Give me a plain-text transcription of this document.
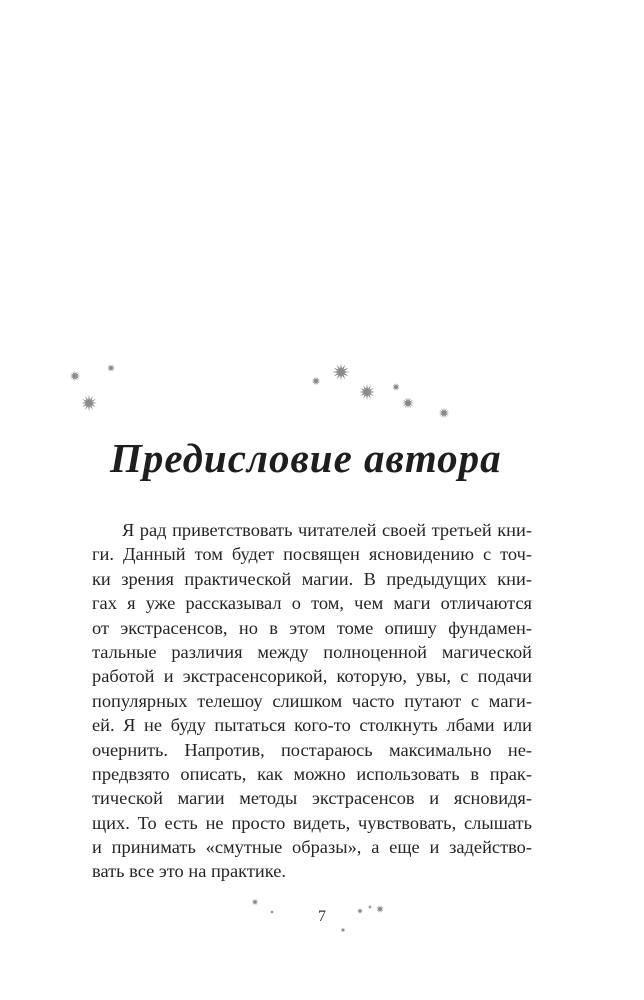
Предисловие автора
Я рад приветствовать читателей своей третьей кни-
ги. Данный том будет посвящен ясновидению с точ-
ки зрения практической магии. В предыдущих кни-
гах я уже рассказывал о том, чем маги отличаются
от экстрасенсов, но в этом томе опишу фундамен-
тальные различия между полноценной магической
работой и экстрасенсорикой, которую, увы, с подачи
популярных телешоу слишком часто путают с маги-
ей. Я не буду пытаться кого-то столкнуть лбами или
очернить. Напротив, постараюсь максимально не-
предвзято описать, как можно использовать в прак-
тической магии методы экстрасенсов и ясновидя-
щих. То есть не просто видеть, чувствовать, слышать
и принимать «смутные образы», а еще и задейство-
вать все это на практике.
7
